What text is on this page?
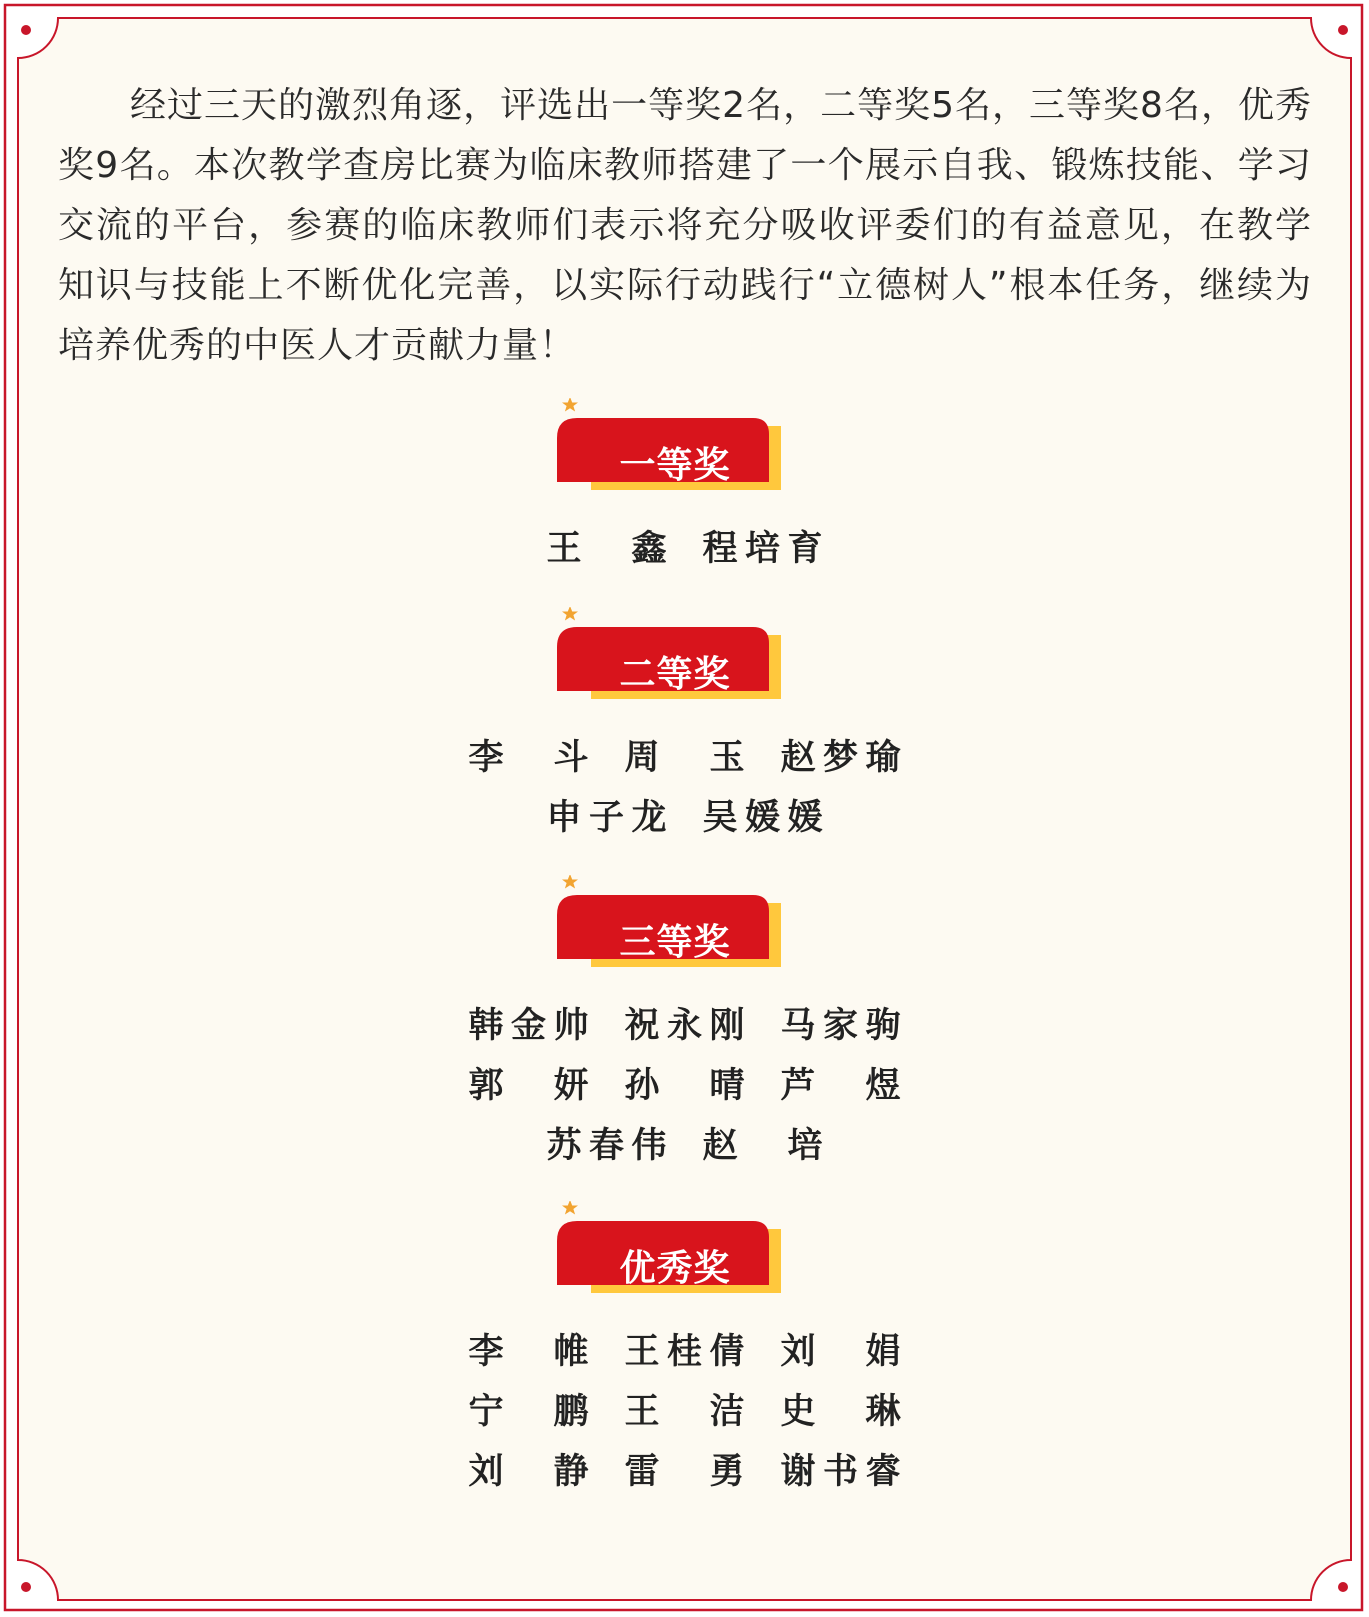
经过三天的激烈角逐，评选出一等奖2名，二等奖5名，三等奖8名，优秀奖9名。本次教学查房比赛为临床教师搭建了一个展示自我、锻炼技能、学习交流的平台，参赛的临床教师们表示将充分吸收评委们的有益意见，在教学知识与技能上不断优化完善，以实际行动践行“立德树人”根本任务，继续为培养优秀的中医人才贡献力量！

一等奖
王　鑫 程培育
二等奖
李　斗 周　玉 赵梦瑜
申子龙 吴媛媛
三等奖
韩金帅 祝永刚 马家驹
郭　妍 孙　晴 芦　煜
苏春伟 赵　培
优秀奖
李　帷 王桂倩 刘　娟
宁　鹏 王　洁 史　琳
刘　静 雷　勇 谢书睿
